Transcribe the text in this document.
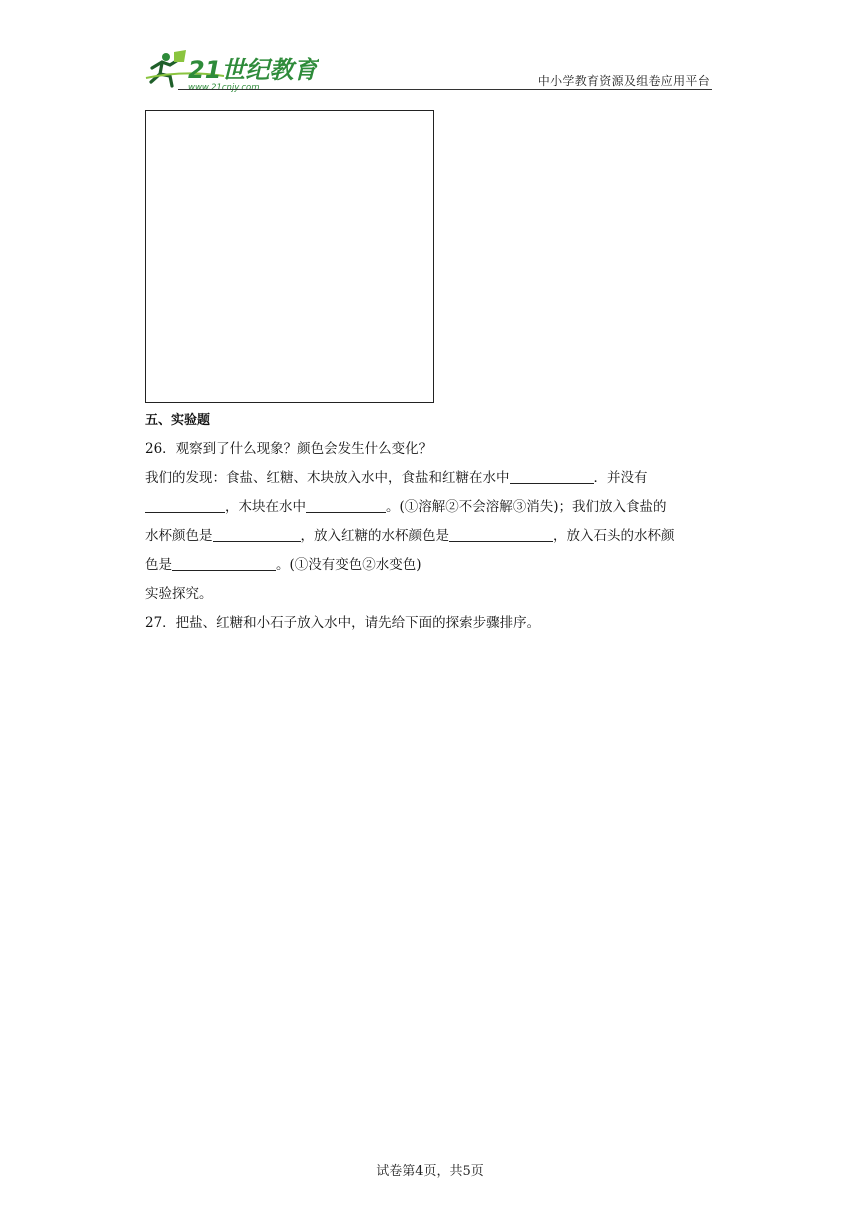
21世纪教育
www.21cnjy.com	中小学教育资源及组卷应用平台

五、实验题

26．观察到了什么现象？颜色会发生什么变化？

我们的发现：食盐、红糖、木块放入水中，食盐和红糖在水中	．并没有

，木块在水中	。(①溶解②不会溶解③消失)；我们放入食盐的

水杯颜色是	，放入红糖的水杯颜色是	，放入石头的水杯颜

色是	。(①没有变色②水变色)

实验探究。

27．把盐、红糖和小石子放入水中，请先给下面的探索步骤排序。

试卷第4页，共5页
